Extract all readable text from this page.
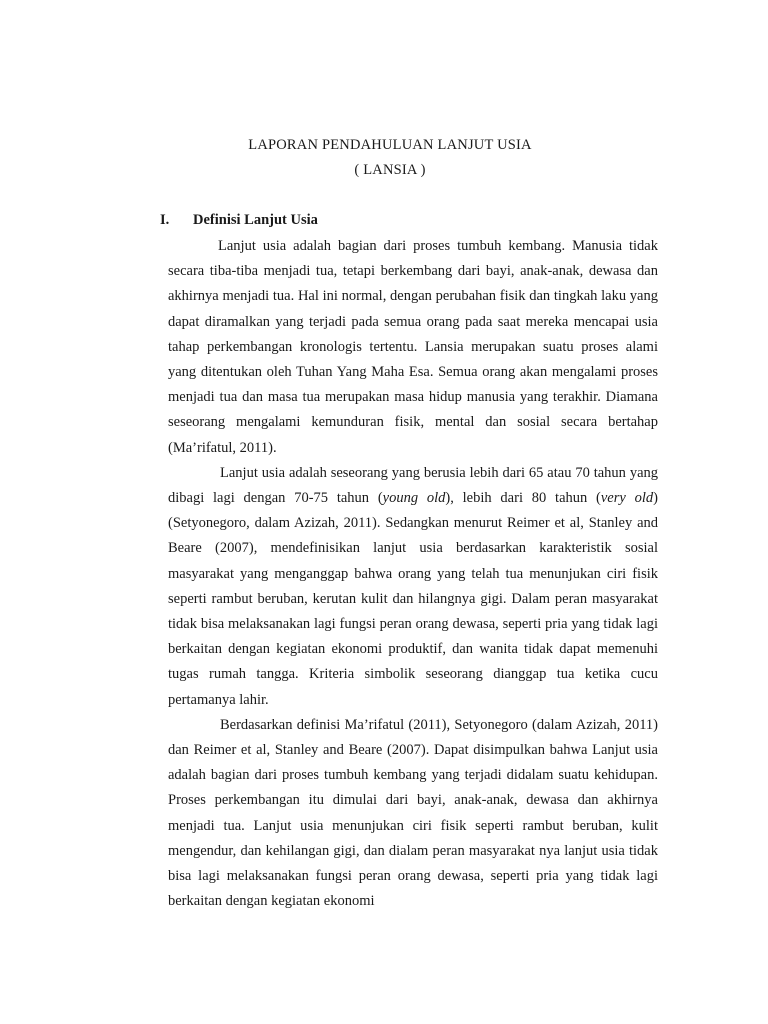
LAPORAN PENDAHULUAN LANJUT USIA
( LANSIA )
I. Definisi Lanjut Usia

Lanjut usia adalah bagian dari proses tumbuh kembang. Manusia tidak secara tiba-tiba menjadi tua, tetapi berkembang dari bayi, anak-anak, dewasa dan akhirnya menjadi tua. Hal ini normal, dengan perubahan fisik dan tingkah laku yang dapat diramalkan yang terjadi pada semua orang pada saat mereka mencapai usia tahap perkembangan kronologis tertentu. Lansia merupakan suatu proses alami yang ditentukan oleh Tuhan Yang Maha Esa. Semua orang akan mengalami proses menjadi tua dan masa tua merupakan masa hidup manusia yang terakhir. Diamana seseorang mengalami kemunduran fisik, mental dan sosial secara bertahap (Ma’rifatul, 2011).

Lanjut usia adalah seseorang yang berusia lebih dari 65 atau 70 tahun yang dibagi lagi dengan 70-75 tahun (young old), lebih dari 80 tahun (very old) (Setyonegoro, dalam Azizah, 2011). Sedangkan menurut Reimer et al, Stanley and Beare (2007), mendefinisikan lanjut usia berdasarkan karakteristik sosial masyarakat yang menganggap bahwa orang yang telah tua menunjukan ciri fisik seperti rambut beruban, kerutan kulit dan hilangnya gigi. Dalam peran masyarakat tidak bisa melaksanakan lagi fungsi peran orang dewasa, seperti pria yang tidak lagi berkaitan dengan kegiatan ekonomi produktif, dan wanita tidak dapat memenuhi tugas rumah tangga. Kriteria simbolik seseorang dianggap tua ketika cucu pertamanya lahir.

Berdasarkan definisi Ma’rifatul (2011), Setyonegoro (dalam Azizah, 2011) dan Reimer et al, Stanley and Beare (2007). Dapat disimpulkan bahwa Lanjut usia adalah bagian dari proses tumbuh kembang yang terjadi didalam suatu kehidupan. Proses perkembangan itu dimulai dari bayi, anak-anak, dewasa dan akhirnya menjadi tua. Lanjut usia menunjukan ciri fisik seperti rambut beruban, kulit mengendur, dan kehilangan gigi, dan dialam peran masyarakat nya lanjut usia tidak bisa lagi melaksanakan fungsi peran orang dewasa, seperti pria yang tidak lagi berkaitan dengan kegiatan ekonomi
